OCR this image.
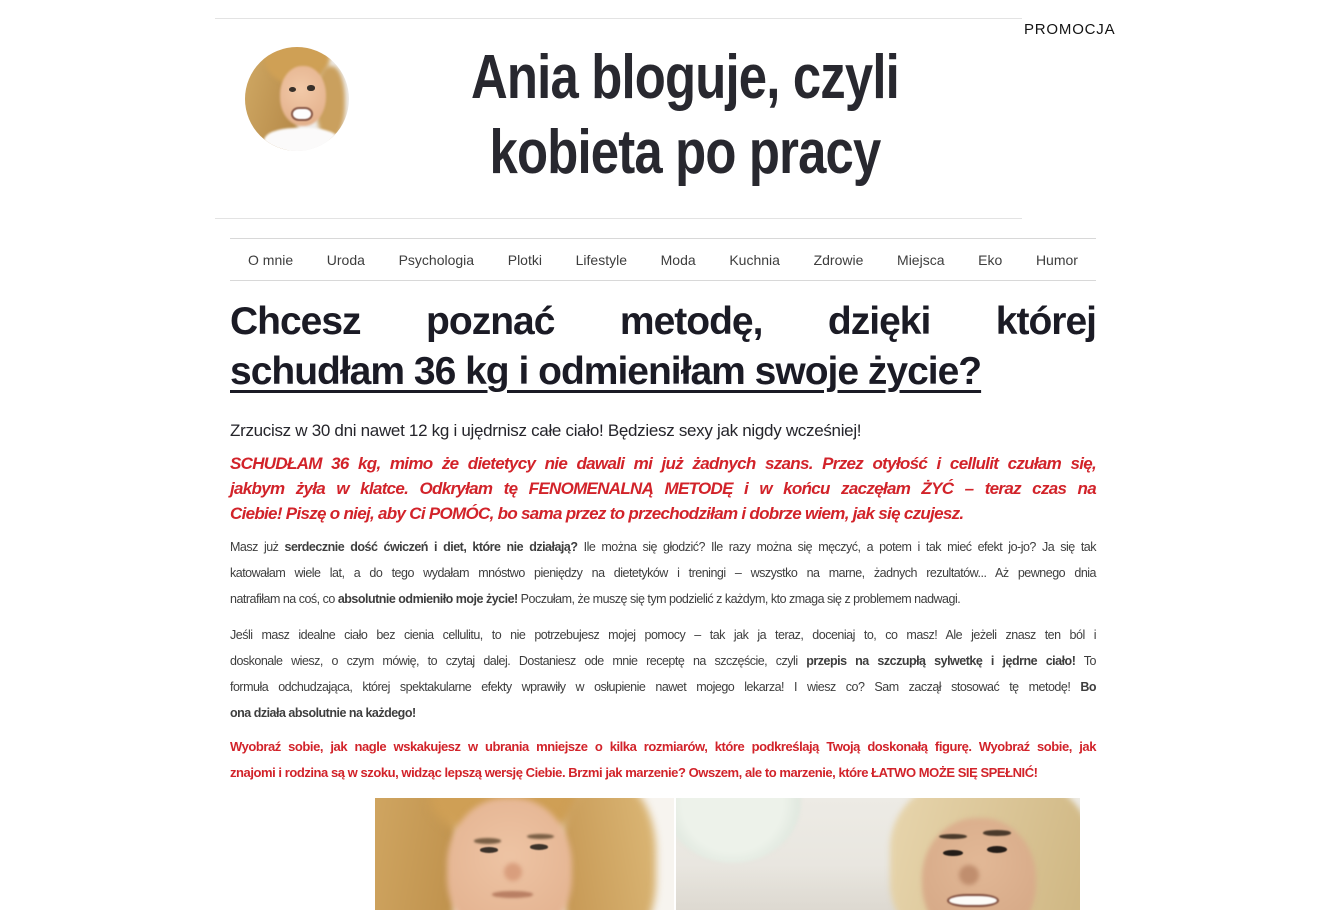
PROMOCJA
Ania bloguje, czyli
kobieta po pracy
O mnie Uroda Psychologia Plotki Lifestyle Moda Kuchnia Zdrowie Miejsca Eko Humor
Chcesz poznać metodę, dzięki której
schudłam 36 kg i odmieniłam swoje życie?
Zrzucisz w 30 dni nawet 12 kg i ujędrnisz całe ciało! Będziesz sexy jak nigdy wcześniej!
SCHUDŁAM 36 kg, mimo że dietetycy nie dawali mi już żadnych szans. Przez otyłość i cellulit czułam się,
jakbym żyła w klatce. Odkryłam tę FENOMENALNĄ METODĘ i w końcu zaczęłam ŻYĆ – teraz czas na
Ciebie! Piszę o niej, aby Ci POMÓC, bo sama przez to przechodziłam i dobrze wiem, jak się czujesz.
Masz już serdecznie dość ćwiczeń i diet, które nie działają? Ile można się głodzić? Ile razy można się męczyć, a potem i tak mieć efekt jo-jo? Ja się tak
katowałam wiele lat, a do tego wydałam mnóstwo pieniędzy na dietetyków i treningi – wszystko na marne, żadnych rezultatów... Aż pewnego dnia
natrafiłam na coś, co absolutnie odmieniło moje życie! Poczułam, że muszę się tym podzielić z każdym, kto zmaga się z problemem nadwagi.
Jeśli masz idealne ciało bez cienia cellulitu, to nie potrzebujesz mojej pomocy – tak jak ja teraz, doceniaj to, co masz! Ale jeżeli znasz ten ból i
doskonale wiesz, o czym mówię, to czytaj dalej. Dostaniesz ode mnie receptę na szczęście, czyli przepis na szczupłą sylwetkę i jędrne ciało! To
formuła odchudzająca, której spektakularne efekty wprawiły w osłupienie nawet mojego lekarza! I wiesz co? Sam zaczął stosować tę metodę! Bo
ona działa absolutnie na każdego!
Wyobraź sobie, jak nagle wskakujesz w ubrania mniejsze o kilka rozmiarów, które podkreślają Twoją doskonałą figurę. Wyobraź sobie, jak
znajomi i rodzina są w szoku, widząc lepszą wersję Ciebie. Brzmi jak marzenie? Owszem, ale to marzenie, które ŁATWO MOŻE SIĘ SPEŁNIĆ!
